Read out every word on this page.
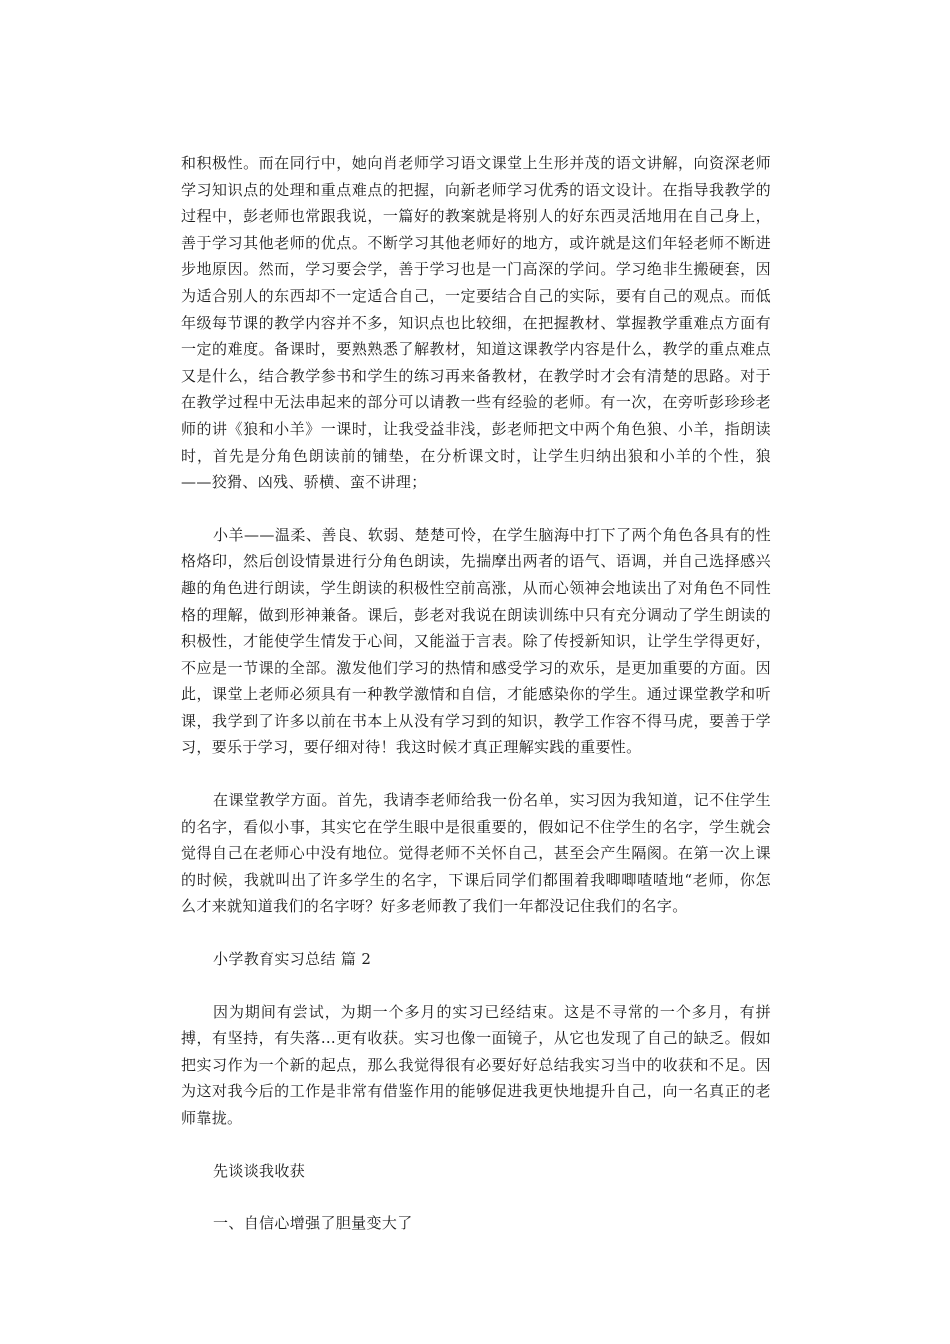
和积极性。而在同行中，她向肖老师学习语文课堂上生形并茂的语文讲解，向资深老师学习知识点的处理和重点难点的把握，向新老师学习优秀的语文设计。在指导我教学的过程中，彭老师也常跟我说，一篇好的教案就是将别人的好东西灵活地用在自己身上，善于学习其他老师的优点。不断学习其他老师好的地方，或许就是这们年轻老师不断进步地原因。然而，学习要会学，善于学习也是一门高深的学问。学习绝非生搬硬套，因为适合别人的东西却不一定适合自己，一定要结合自己的实际，要有自己的观点。而低年级每节课的教学内容并不多，知识点也比较细，在把握教材、掌握教学重难点方面有一定的难度。备课时，要熟熟悉了解教材，知道这课教学内容是什么，教学的重点难点又是什么，结合教学参书和学生的练习再来备教材，在教学时才会有清楚的思路。对于在教学过程中无法串起来的部分可以请教一些有经验的老师。有一次，在旁听彭珍珍老师的讲《狼和小羊》一课时，让我受益非浅，彭老师把文中两个角色狼、小羊，指朗读时，首先是分角色朗读前的铺垫，在分析课文时，让学生归纳出狼和小羊的个性，狼——狡猾、凶残、骄横、蛮不讲理；

小羊——温柔、善良、软弱、楚楚可怜，在学生脑海中打下了两个角色各具有的性格烙印，然后创设情景进行分角色朗读，先揣摩出两者的语气、语调，并自己选择感兴趣的角色进行朗读，学生朗读的积极性空前高涨，从而心领神会地读出了对角色不同性格的理解，做到形神兼备。课后，彭老对我说在朗读训练中只有充分调动了学生朗读的积极性，才能使学生情发于心间，又能溢于言表。除了传授新知识，让学生学得更好，不应是一节课的全部。激发他们学习的热情和感受学习的欢乐，是更加重要的方面。因此，课堂上老师必须具有一种教学激情和自信，才能感染你的学生。通过课堂教学和听课，我学到了许多以前在书本上从没有学习到的知识，教学工作容不得马虎，要善于学习，要乐于学习，要仔细对待！我这时候才真正理解实践的重要性。

在课堂教学方面。首先，我请李老师给我一份名单，实习因为我知道，记不住学生的名字，看似小事，其实它在学生眼中是很重要的，假如记不住学生的名字，学生就会觉得自己在老师心中没有地位。觉得老师不关怀自己，甚至会产生隔阂。在第一次上课的时候，我就叫出了许多学生的名字，下课后同学们都围着我唧唧喳喳地“老师，你怎么才来就知道我们的名字呀？好多老师教了我们一年都没记住我们的名字。

小学教育实习总结 篇 2

因为期间有尝试，为期一个多月的实习已经结束。这是不寻常的一个多月，有拼搏，有坚持，有失落…更有收获。实习也像一面镜子，从它也发现了自己的缺乏。假如把实习作为一个新的起点，那么我觉得很有必要好好总结我实习当中的收获和不足。因为这对我今后的工作是非常有借鉴作用的能够促进我更快地提升自己，向一名真正的老师靠拢。

先谈谈我收获

一、自信心增强了胆量变大了
